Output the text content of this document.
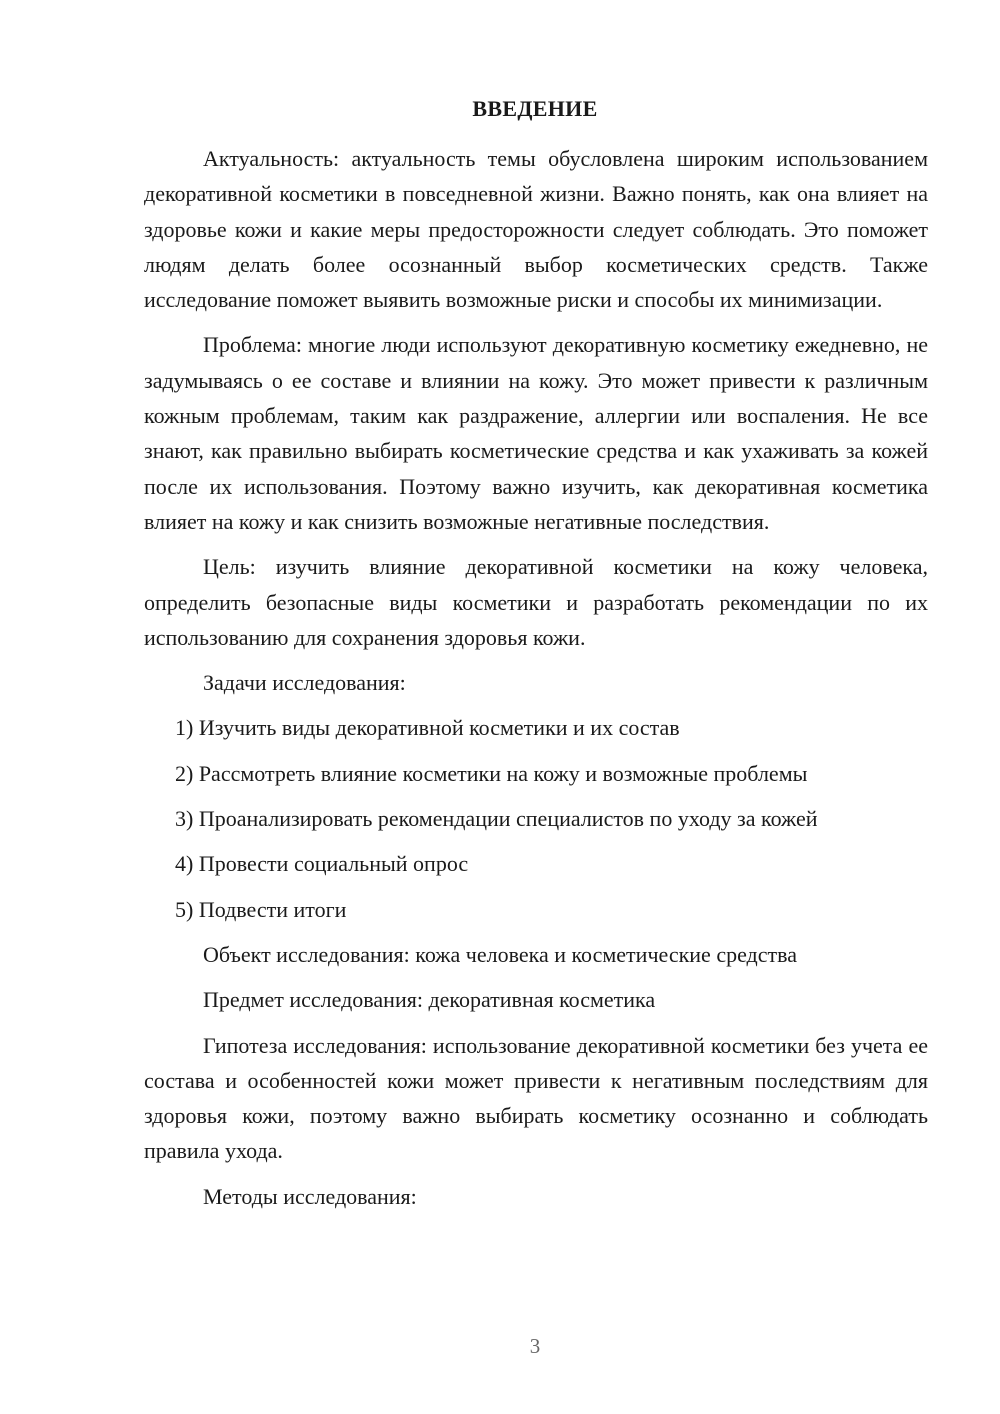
ВВЕДЕНИЕ

Актуальность: актуальность темы обусловлена широким использованием декоративной косметики в повседневной жизни. Важно понять, как она влияет на здоровье кожи и какие меры предосторожности следует соблюдать. Это поможет людям делать более осознанный выбор косметических средств. Также исследование поможет выявить возможные риски и способы их минимизации.

Проблема: многие люди используют декоративную косметику ежедневно, не задумываясь о ее составе и влиянии на кожу. Это может привести к различным кожным проблемам, таким как раздражение, аллергии или воспаления. Не все знают, как правильно выбирать косметические средства и как ухаживать за кожей после их использования. Поэтому важно изучить, как декоративная косметика влияет на кожу и как снизить возможные негативные последствия.

Цель: изучить влияние декоративной косметики на кожу человека, определить безопасные виды косметики и разработать рекомендации по их использованию для сохранения здоровья кожи.

Задачи исследования:

1) Изучить виды декоративной косметики и их состав

2) Рассмотреть влияние косметики на кожу и возможные проблемы

3) Проанализировать рекомендации специалистов по уходу за кожей

4) Провести социальный опрос

5) Подвести итоги

Объект исследования: кожа человека и косметические средства

Предмет исследования: декоративная косметика

Гипотеза исследования: использование декоративной косметики без учета ее состава и особенностей кожи может привести к негативным последствиям для здоровья кожи, поэтому важно выбирать косметику осознанно и соблюдать правила ухода.

Методы исследования:

3
